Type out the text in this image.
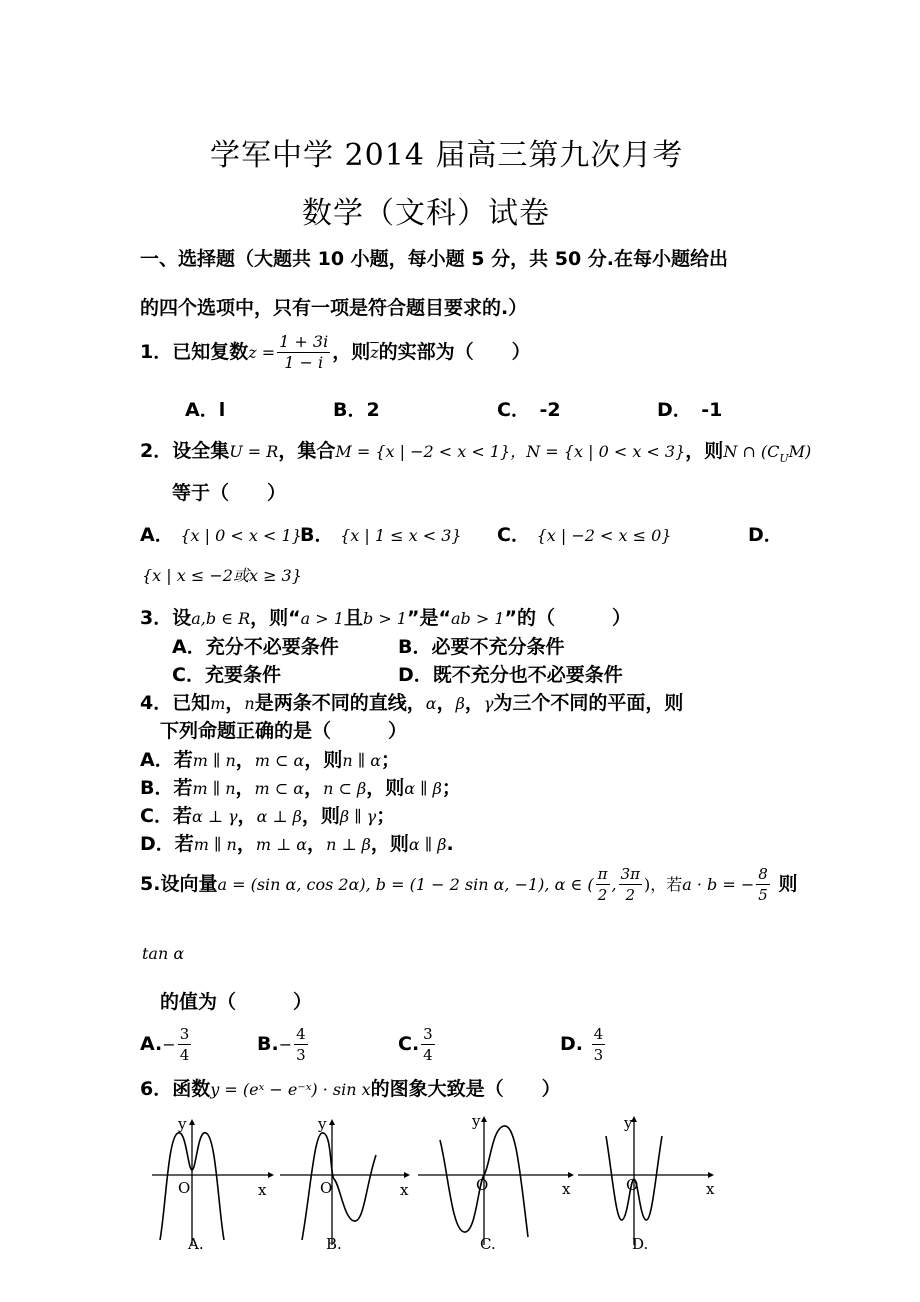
学军中学 2014 届高三第九次月考
数学（文科）试卷
一、选择题（大题共 10 小题，每小题 5 分，共 50 分.在每小题给出
的四个选项中，只有一项是符合题目要求的.）
1．已知复数$z = \frac{1 + 3i}{1 - i}$ ，则$\overline{z}$的实部为（　　）
A．l	B．2	C．　-2	D．　-1
2．设全集U = R，集合M = {x | −2 < x < 1}，N = {x | 0 < x < 3}，则N ∩ $(C_UM)$
等于（　　）
A． {x | 0 < x < 1}
B． {x | 1 ≤ x < 3} C． {x | −2 < x ≤ 0}	D．
{x | x ≤ −2或x ≥ 3}
3．设a,b ∈ R，则“a > 1且b > 1”是“ab > 1”的（　　　）
A．充分不必要条件	B．必要不充分条件
C．充要条件	D．既不充分也不必要条件
4．已知m，n是两条不同的直线，α，β，γ为三个不同的平面，则
下列命题正确的是（　　　）
A．若m ∥ n，m ⊂ α，则n ∥ α；
B．若m ∥ n，m ⊂ α，n ⊂ β，则α ∥ β；
C．若α ⊥ γ，α ⊥ β，则β ∥ γ；
D．若m ∥ n，m ⊥ α，n ⊥ β，则α ∥ β.
5.设向量a = (sin α, cos 2α), b = (1 − 2 sin α, −1), α ∈ ( $\frac{\pi}{2}$ , $\frac{3\pi}{2}$ )，若a · b = − $\frac{8}{5}$ 则
tan α
的值为（　　　）
$A.- \frac{3}{4}$	$B.- \frac{4}{3}$	C. $\frac{3}{4}$	D. $\frac{4}{3}$
6．函数y = (eˣ − e⁻ˣ) · sin x的图象大致是（　　）
y
x
O
A.
y
x
O
B.
y
x
O
C.
y
x
O
D.
